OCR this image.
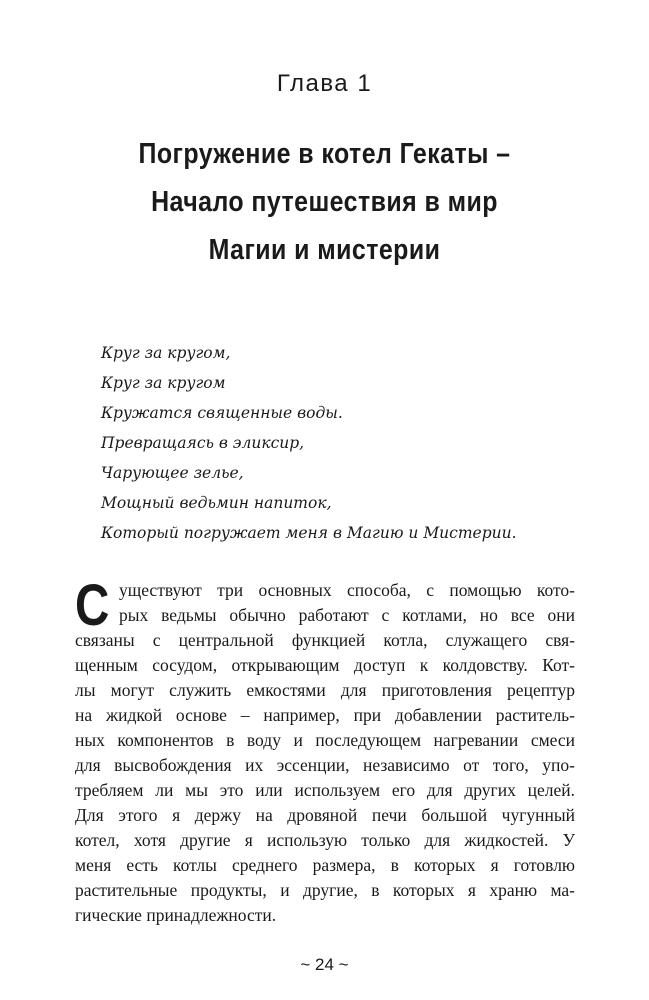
Глава 1
Погружение в котел Гекаты –
Начало путешествия в мир
Магии и мистерии
Круг за кругом,
Круг за кругом
Кружатся священные воды.
Превращаясь в эликсир,
Чарующее зелье,
Мощный ведьмин напиток,
Который погружает меня в Магию и Мистерии.
С уществуют три основных способа, с помощью кото-
рых ведьмы обычно работают с котлами, но все они
связаны с центральной функцией котла, служащего свя-
щенным сосудом, открывающим доступ к колдовству. Кот-
лы могут служить емкостями для приготовления рецептур
на жидкой основе – например, при добавлении раститель-
ных компонентов в воду и последующем нагревании смеси
для высвобождения их эссенции, независимо от того, упо-
требляем ли мы это или используем его для других целей.
Для этого я держу на дровяной печи большой чугунный
котел, хотя другие я использую только для жидкостей. У
меня есть котлы среднего размера, в которых я готовлю
растительные продукты, и другие, в которых я храню ма-
гические принадлежности.
~ 24 ~
